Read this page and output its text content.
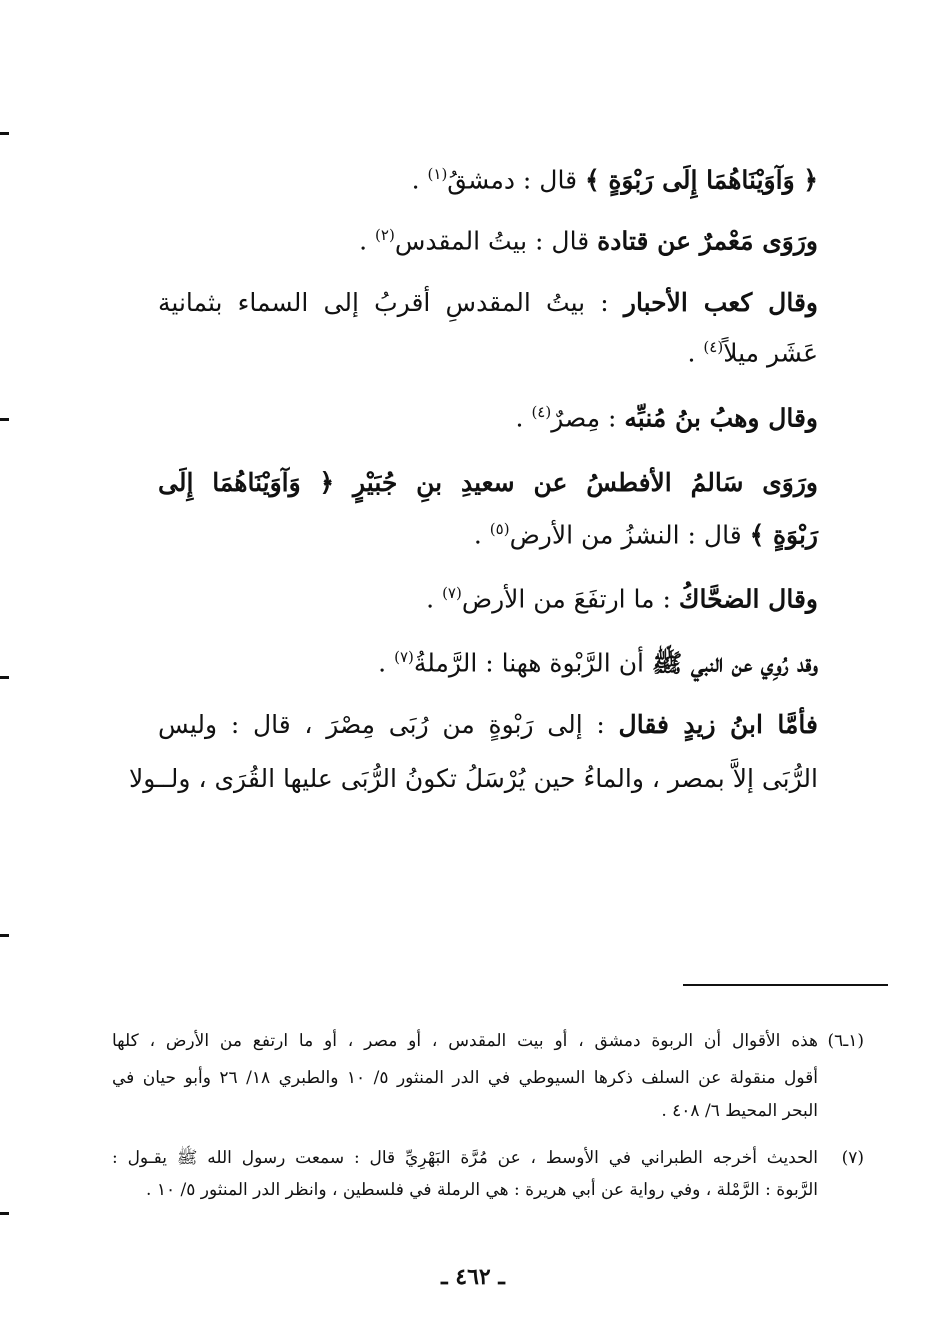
﴿ وَآوَيْنَاهُمَا إِلَى رَبْوَةٍ ﴾ قال : دمشقُ$^{(١)}$ .
ورَوَى مَعْمرٌ عن قتادة قال : بيتُ المقدس$^{(٢)}$ .
وقال كعب الأحبار : بيتُ المقدسِ أقربُ إلى السماء بثمانية
عَشَر ميلاً$^{(٤)}$ .
وقال وهبُ بنُ مُنبِّه : مِصرٌ$^{(٤)}$ .
ورَوَى سَالمُ الأفطسُ عن سعيدِ بنِ جُبَيْرٍ ﴿ وَآوَيْنَاهُمَا إِلَى
رَبْوَةٍ ﴾ قال : النشزُ من الأرض$^{(٥)}$ .
وقال الضحَّاكُ : ما ارتفَعَ من الأرض$^{(٧)}$ .
وقد رُوِي عن النبي ﷺ أن الرَّبْوة ههنا : الرَّملةُ$^{(٧)}$ .
فأمَّا ابنُ زيدٍ فقال : إلى رَبْوةٍ من رُبَى مِصْرَ ، قال : وليس
الرُّبَى إلاَّ بمصر ، والماءُ حين يُرْسَلُ تكونُ الرُّبَى عليها القُرَى ، ولــولا
(١ـ٦)
هذه الأقوال أن الربوة دمشق ، أو بيت المقدس ، أو مصر ، أو ما ارتفع من الأرض ، كلها
أقول منقولة عن السلف ذكرها السيوطي في الدر المنثور ٥/ ١٠ والطبري ١٨/ ٢٦ وأبو حيان في
البحر المحيط ٦/ ٤٠٨ .
(٧)
الحديث أخرجه الطبراني في الأوسط ، عن مُرَّة البَهْرِيِّ قال : سمعت رسول الله ﷺ يقـول :
الرَّبوة : الرَّمْلة ، وفي رواية عن أبي هريرة : هي الرملة في فلسطين ، وانظر الدر المنثور ٥/ ١٠ .
ـ ٤٦٢ ـ
